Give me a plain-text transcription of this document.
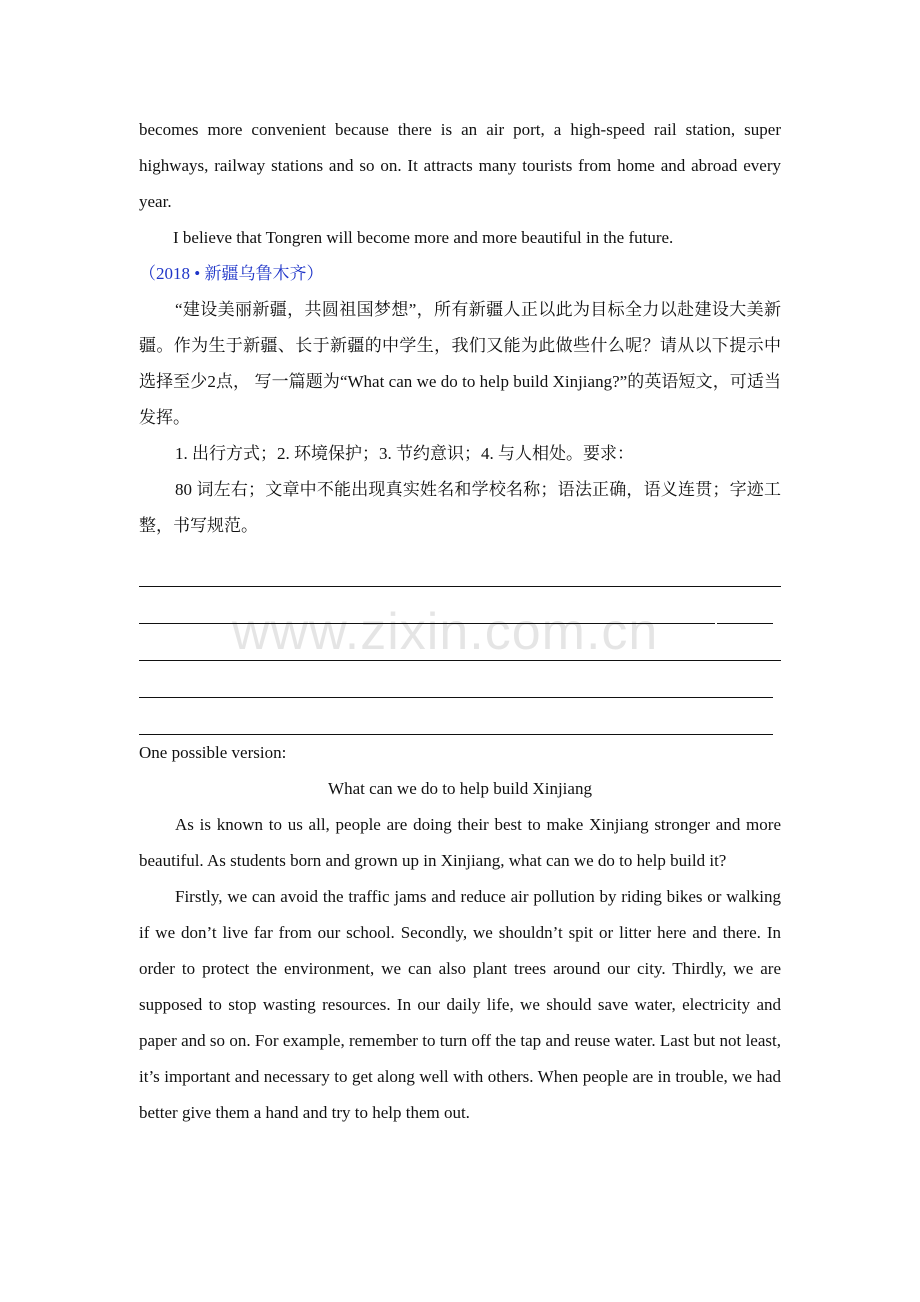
becomes more convenient because there is an air port, a high-speed rail station, super highways, railway stations and so on. It attracts many tourists from home and abroad every year.

I believe that Tongren will become more and more beautiful in the future.

（2018 • 新疆乌鲁木齐）

“建设美丽新疆，共圆祖国梦想”，所有新疆人正以此为目标全力以赴建设大美新疆。作为生于新疆、长于新疆的中学生，我们又能为此做些什么呢？请从以下提示中选择至少2点， 写一篇题为“What can we do to help build Xinjiang?”的英语短文，可适当发挥。

1. 出行方式；2. 环境保护；3. 节约意识；4. 与人相处。要求：

80 词左右；文章中不能出现真实姓名和学校名称；语法正确，语义连贯；字迹工整，书写规范。

One possible version:

What can we do to help build Xinjiang

As is known to us all, people are doing their best to make Xinjiang stronger and more beautiful. As students born and grown up in Xinjiang, what can we do to help build it?

Firstly, we can avoid the traffic jams and reduce air pollution by riding bikes or walking if we don’t live far from our school. Secondly, we shouldn’t spit or litter here and there. In order to protect the environment, we can also plant trees around our city. Thirdly, we are supposed to stop wasting resources. In our daily life, we should save water, electricity and paper and so on. For example, remember to turn off the tap and reuse water. Last but not least, it’s important and necessary to get along well with others. When people are in trouble, we had better give them a hand and try to help them out.

www.zixin.com.cn
